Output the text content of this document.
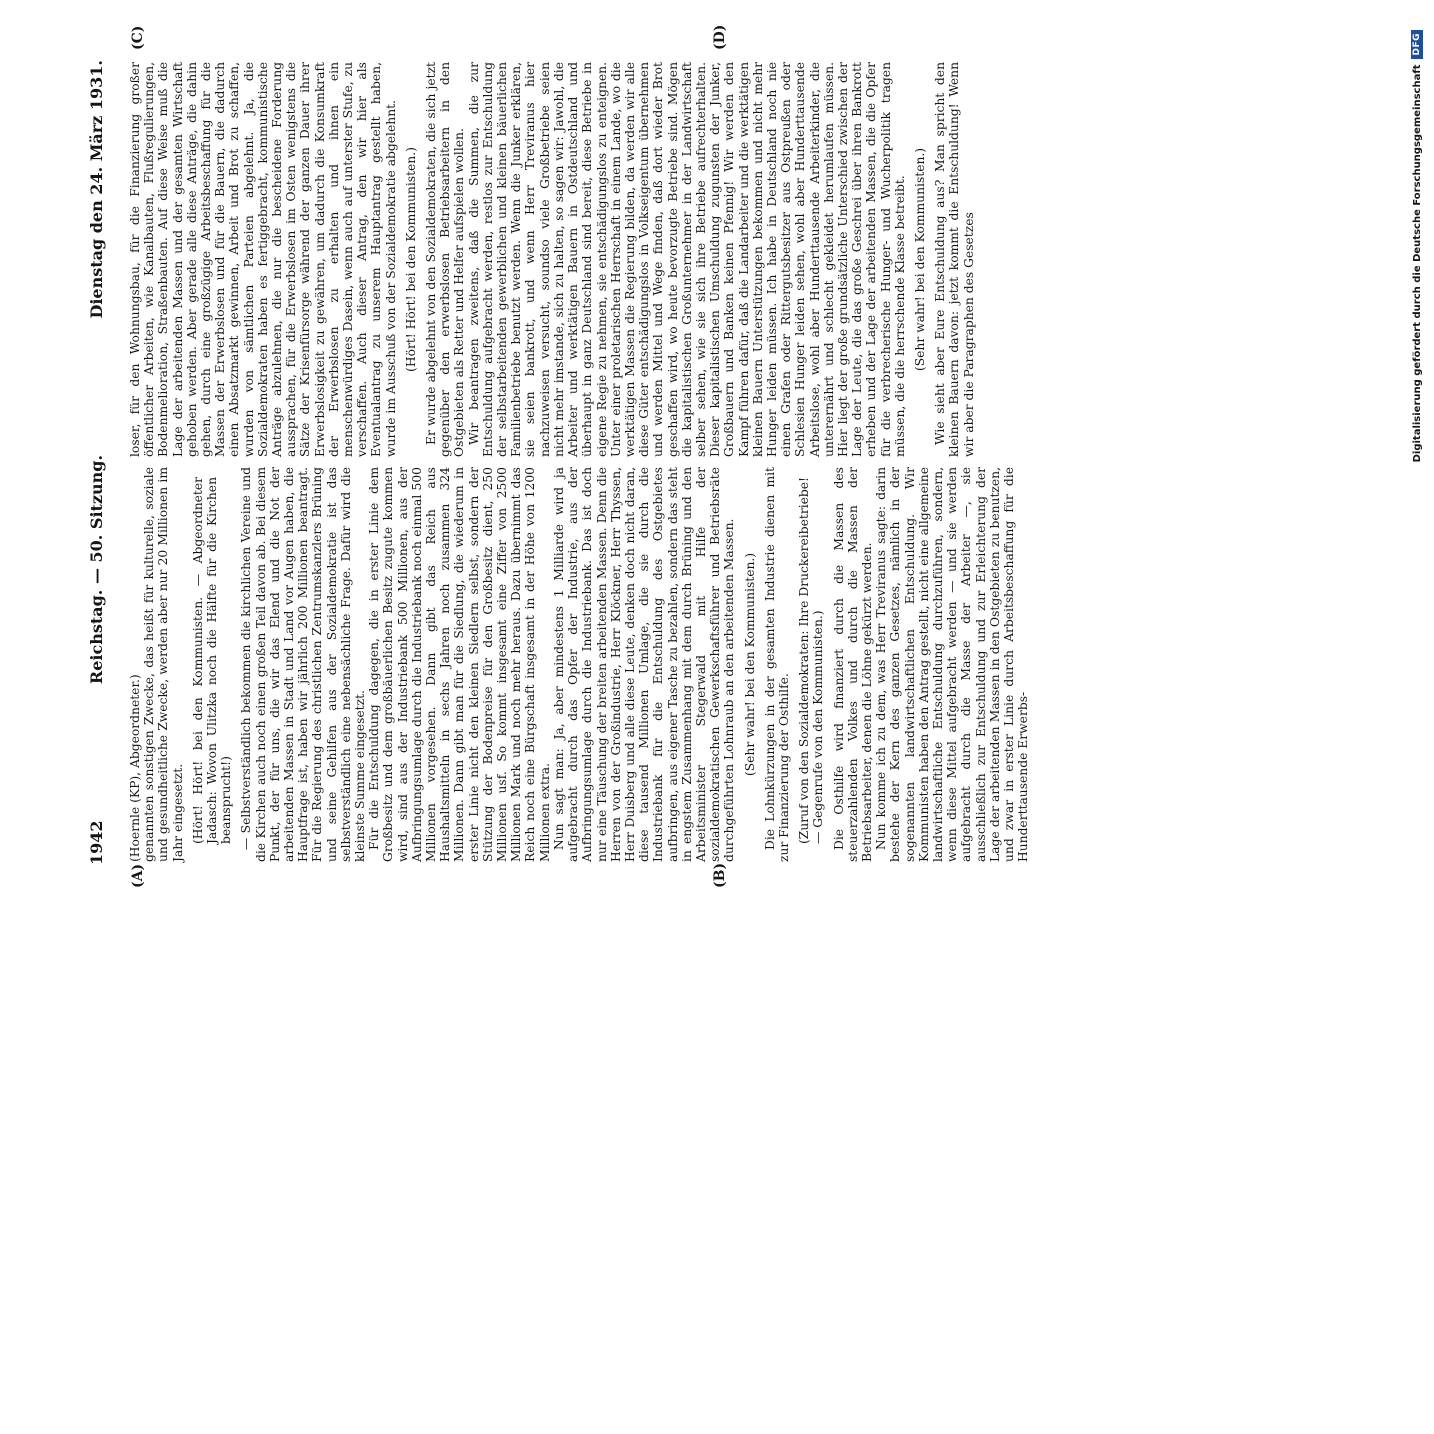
1942
Reichstag. — 50. Sitzung.
Dienstag den 24. März 1931.
(A)	(B)
(C)	(D)

(Hoernle (KP), Abgeordneter.) genannten sonstigen Zwecke, das heißt für kulturelle, soziale und gesundheitliche Zwecke, werden aber nur 20 Millionen im Jahr eingesetzt. (Hört! Hört! bei den Kommunisten. — Abgeordneter Jadasch: Wovon Ulitzka noch die Hälfte für die Kirchen beansprucht!) — Selbstverständlich bekommen die kirchlichen Vereine und die Kirchen auch noch einen großen Teil davon ab. Bei diesem Punkt, der für uns, die wir das Elend und die Not der arbeitenden Massen in Stadt und Land vor Augen haben, die Hauptfrage ist, haben wir jährlich 200 Millionen beantragt. Für die Regierung des christlichen Zentrumskanzlers Brüning und seine Gehilfen aus der Sozialdemokratie ist das selbstverständlich eine nebensächliche Frage. Dafür wird die kleinste Summe eingesetzt. Für die Entschuldung dagegen, die in erster Linie dem Großbesitz und dem großbäuerlichen Besitz zugute kommen wird, sind aus der Industriebank 500 Millionen, aus der Aufbringungsumlage durch die Industriebank noch einmal 500 Millionen vorgesehen. Dann gibt das Reich aus Haushaltsmitteln in sechs Jahren noch zusammen 324 Millionen. Dann gibt man für die Siedlung, die wiederum in erster Linie nicht den kleinen Siedlern selbst, sondern der Stützung der Bodenpreise für den Großbesitz dient, 250 Millionen usf. So kommt insgesamt eine Ziffer von 2500 Millionen Mark und noch mehr heraus. Dazu übernimmt das Reich noch eine Bürgschaft insgesamt in der Höhe von 1200 Millionen extra. Nun sagt man: Ja, aber mindestens 1 Milliarde wird ja aufgebracht durch das Opfer der Industrie, aus der Aufbringungsumlage durch die Industriebank. Das ist doch nur eine Täuschung der breiten arbeitenden Massen. Denn die Herren von der Großindustrie, Herr Klöckner, Herr Thyssen, Herr Duisberg und alle diese Leute, denken doch nicht daran, diese tausend Millionen Umlage, die sie durch die Industriebank für die Entschuldung des Ostgebietes aufbringen, aus eigener Tasche zu bezahlen, sondern das steht in engstem Zusammenhang mit dem durch Brüning und den Arbeitsminister Stegerwald mit Hilfe der sozialdemokratischen Gewerkschaftsführer und Betriebsräte durchgeführten Lohnraub an den arbeitenden Massen. (Sehr wahr! bei den Kommunisten.) Die Lohnkürzungen in der gesamten Industrie dienen mit zur Finanzierung der Osthilfe. (Zuruf von den Sozialdemokraten: Ihre Druckereibetriebe! — Gegenrufe von den Kommunisten.) Die Osthilfe wird finanziert durch die Massen des steuerzahlenden Volkes und durch die Massen der Betriebsarbeiter, denen die Löhne gekürzt werden. Nun komme ich zu dem, was Herr Treviranus sagte: darin bestehe der Kern des ganzen Gesetzes, nämlich in der sogenannten landwirtschaftlichen Entschuldung. Wir Kommunisten haben den Antrag gestellt, nicht eine allgemeine landwirtschaftliche Entschuldung durchzuführen, sondern, wenn diese Mittel aufgebracht werden — und sie werden aufgebracht durch die Masse der Arbeiter —, sie ausschließlich zur Entschuldung und zur Erleichterung der Lage der arbeitenden Massen in den Ostgebieten zu benutzen, und zwar in erster Linie durch Arbeitsbeschaffung für die Hunderttausende Erwerbs-

loser, für den Wohnungsbau, für die Finanzierung großer öffentlicher Arbeiten, wie Kanalbauten, Flußregulierungen, Bodenmelioration, Straßenbauten. Auf diese Weise muß die Lage der arbeitenden Massen und der gesamten Wirtschaft gehoben werden. Aber gerade alle diese Anträge, die dahin gehen, durch eine großzügige Arbeitsbeschaffung für die Massen der Erwerbslosen und für die Bauern, die dadurch einen Absatzmarkt gewinnen, Arbeit und Brot zu schaffen, wurden von sämtlichen Parteien abgelehnt. Ja, die Sozialdemokraten haben es fertiggebracht, kommunistische Anträge abzulehnen, die nur die bescheidene Forderung aussprachen, für die Erwerbslosen im Osten wenigstens die Sätze der Krisenfürsorge während der ganzen Dauer ihrer Erwerbslosigkeit zu gewähren, um dadurch die Konsumkraft der Erwerbslosen zu erhalten und ihnen ein menschenwürdiges Dasein, wenn auch auf unterster Stufe, zu verschaffen. Auch dieser Antrag, den wir hier als Eventualantrag zu unserem Hauptantrag gestellt haben, wurde im Ausschuß von der Sozialdemokratie abgelehnt. (Hört! Hört! bei den Kommunisten.) Er wurde abgelehnt von den Sozialdemokraten, die sich jetzt gegenüber den erwerbslosen Betriebsarbeitern in den Ostgebieten als Retter und Helfer aufspielen wollen. Wir beantragen zweitens, daß die Summen, die zur Entschuldung aufgebracht werden, restlos zur Entschuldung der selbstarbeitenden gewerblichen und kleinen bäuerlichen Familienbetriebe benutzt werden. Wenn die Junker erklären, sie seien bankrott, und wenn Herr Treviranus hier nachzuweisen versucht, soundso viele Großbetriebe seien nicht mehr imstande, sich zu halten, so sagen wir: Jawohl, die Arbeiter und werktätigen Bauern in Ostdeutschland und überhaupt in ganz Deutschland sind bereit, diese Betriebe in eigene Regie zu nehmen, sie entschädigungslos zu enteignen. Unter einer proletarischen Herrschaft in einem Lande, wo die werktätigen Massen die Regierung bilden, da werden wir alle diese Güter entschädigungslos in Volkseigentum übernehmen und werden Mittel und Wege finden, daß dort wieder Brot geschaffen wird, wo heute bevorzugte Betriebe sind. Mögen die kapitalistischen Großunternehmer in der Landwirtschaft selber sehen, wie sie sich ihre Betriebe aufrechterhalten. Dieser kapitalistischen Umschuldung zugunsten der Junker, Großbauern und Banken keinen Pfennig! Wir werden den Kampf führen dafür, daß die Landarbeiter und die werktätigen kleinen Bauern Unterstützungen bekommen und nicht mehr Hunger leiden müssen. Ich habe in Deutschland noch nie einen Grafen oder Rittergutsbesitzer aus Ostpreußen oder Schlesien Hunger leiden sehen, wohl aber Hunderttausende Arbeitslose, wohl aber Hunderttausende Arbeiterkinder, die unterernährt und schlecht gekleidet herumlaufen müssen. Hier liegt der große grundsätzliche Unterschied zwischen der Lage der Leute, die das große Geschrei über ihren Bankrott erheben und der Lage der arbeitenden Massen, die die Opfer für die verbrecherische Hunger- und Wucherpolitik tragen müssen, die die herrschende Klasse betreibt. (Sehr wahr! bei den Kommunisten.) Wie sieht aber Eure Entschuldung aus? Man spricht den kleinen Bauern davon: jetzt kommt die Entschuldung! Wenn wir aber die Paragraphen des Gesetzes	Digitalisierung gefördert durch die Deutsche Forschungsgemeinschaft
DFG
